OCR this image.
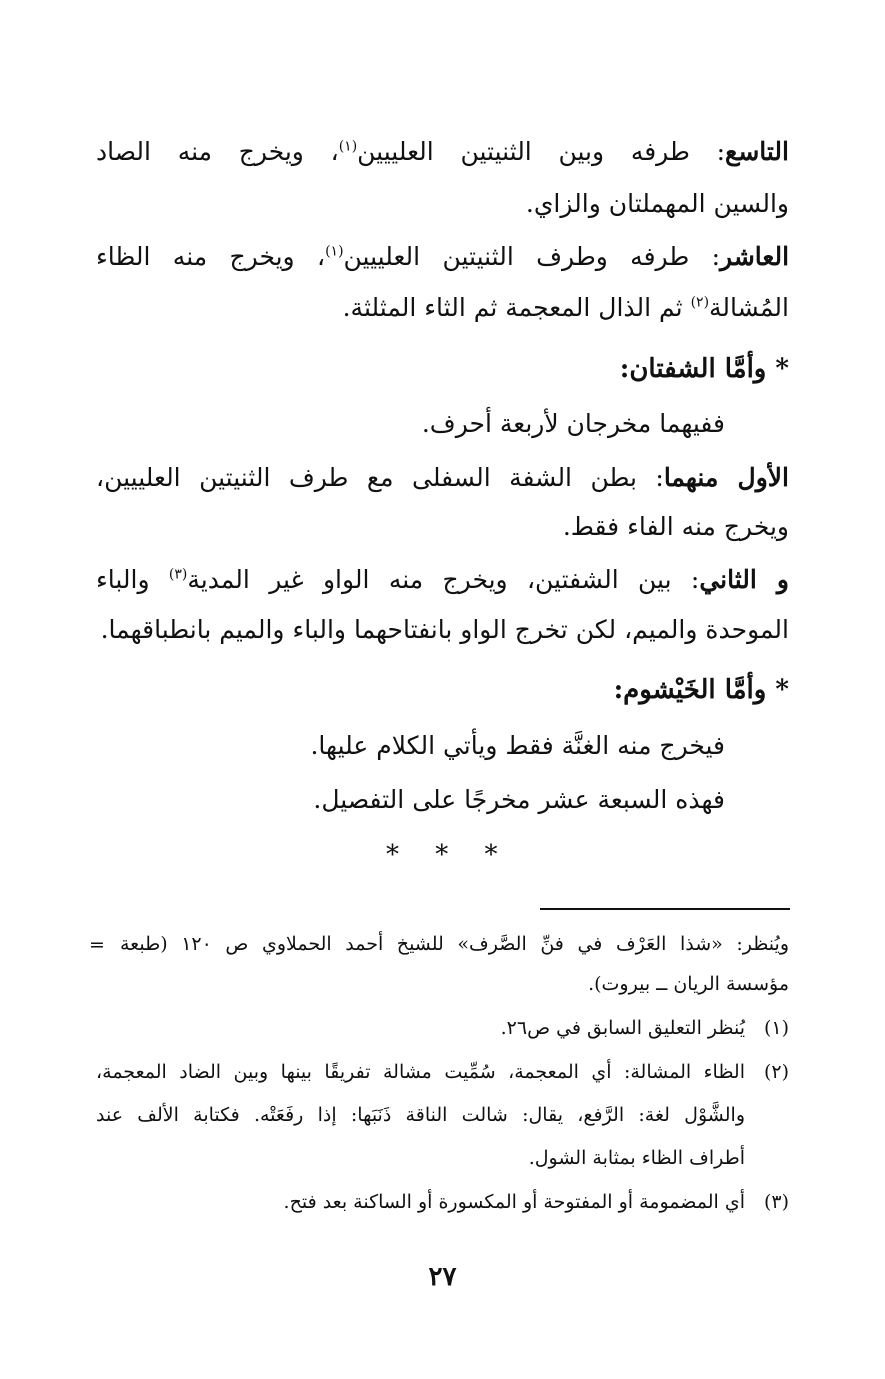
التاسع: طرفه وبين الثنيتين العلييين$^{(١)}$، ويخرج منه الصاد
والسين المهملتان والزاي.
العاشر: طرفه وطرف الثنيتين العلييين$^{(١)}$، ويخرج منه الظاء
المُشالة$^{(٢)}$ ثم الذال المعجمة ثم الثاء المثلثة.
* وأمَّا الشفتان:
ففيهما مخرجان لأربعة أحرف.
الأول منهما: بطن الشفة السفلى مع طرف الثنيتين العلييين،
ويخرج منه الفاء فقط.
و الثاني: بين الشفتين، ويخرج منه الواو غير المدية$^{(٣)}$ والباء
الموحدة والميم، لكن تخرج الواو بانفتاحهما والباء والميم بانطباقهما.
* وأمَّا الخَيْشوم:
فيخرج منه الغنَّة فقط ويأتي الكلام عليها.
فهذه السبعة عشر مخرجًا على التفصيل.
* * *
= ويُنظر: «شذا العَرْف في فنِّ الصَّرف» للشيخ أحمد الحملاوي ص ١٢٠ (طبعة
مؤسسة الريان ــ بيروت).
(١)
يُنظر التعليق السابق في ص٢٦.
(٢)
الظاء المشالة: أي المعجمة، سُمِّيت مشالة تفريقًا بينها وبين الضاد المعجمة،
والشَّوْل لغة: الرَّفع، يقال: شالت الناقة ذَنَبَها: إذا رفَعَتْه. فكتابة الألف عند
أطراف الظاء بمثابة الشول.
(٣)
أي المضمومة أو المفتوحة أو المكسورة أو الساكنة بعد فتح.
٢٧
